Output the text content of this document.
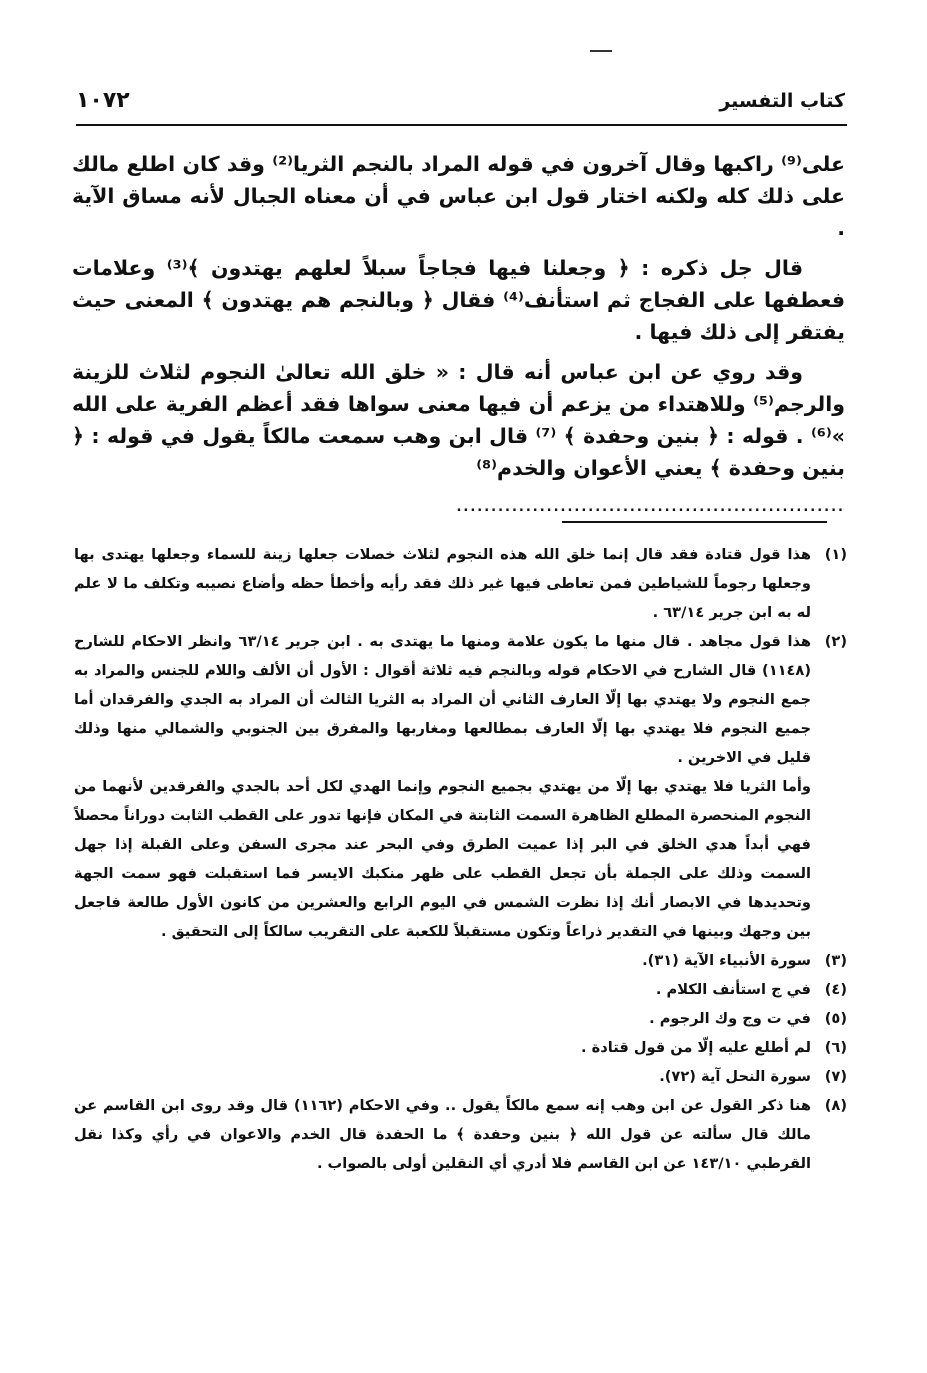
كتاب التفسير
١٠٧٢

على⁽⁹⁾ راكبها وقال آخرون في قوله المراد بالنجم الثريا⁽²⁾ وقد كان اطلع مالك على ذلك كله ولكنه اختار قول ابن عباس في أن معناه الجبال لأنه مساق الآية .

قال جل ذكره : ﴿ وجعلنا فيها فجاجاً سبلاً لعلهم يهتدون ﴾⁽³⁾ وعلامات فعطفها على الفجاج ثم استأنف⁽⁴⁾ فقال ﴿ وبالنجم هم يهتدون ﴾ المعنى حيث يفتقر إلى ذلك فيها .

وقد روي عن ابن عباس أنه قال : « خلق الله تعالىٰ النجوم لثلاث للزينة والرجم⁽⁵⁾ وللاهتداء من يزعم أن فيها معنى سواها فقد أعظم الفرية على الله »⁽⁶⁾ . قوله : ﴿ بنين وحفدة ﴾ ⁽⁷⁾ قال ابن وهب سمعت مالكاً يقول في قوله : ﴿ بنين وحفدة ﴾ يعني الأعوان والخدم⁽⁸⁾

........................................................
(١)
هذا قول قتادة فقد قال إنما خلق الله هذه النجوم لثلاث خصلات جعلها زينة للسماء وجعلها يهتدى بها وجعلها رجوماً للشياطين فمن تعاطى فيها غير ذلك فقد رأيه وأخطأ حظه وأضاع نصيبه وتكلف ما لا علم له به ابن جرير ٦٣/١٤ .
(٢)
هذا قول مجاهد . قال منها ما يكون علامة ومنها ما يهتدى به . ابن جرير ٦٣/١٤ وانظر الاحكام للشارح (١١٤٨) قال الشارح في الاحكام قوله وبالنجم فيه ثلاثة أقوال : الأول أن الألف واللام للجنس والمراد به جمع النجوم ولا يهتدي بها إلّا العارف الثاني أن المراد به الثريا الثالث أن المراد به الجدي والفرقدان أما جميع النجوم فلا يهتدي بها إلّا العارف بمطالعها ومغاربها والمفرق بين الجنوبي والشمالي منها وذلك قليل في الاخرين .
وأما الثريا فلا يهتدي بها إلّا من يهتدي بجميع النجوم وإنما الهدي لكل أحد بالجدي والفرقدين لأنهما من النجوم المنحصرة المطلع الظاهرة السمت الثابتة في المكان فإنها تدور على القطب الثابت دوراناً محصلاً فهي أبداً هدي الخلق في البر إذا عميت الطرق وفي البحر عند مجرى السفن وعلى القبلة إذا جهل السمت وذلك على الجملة بأن تجعل القطب على ظهر منكبك الايسر فما استقبلت فهو سمت الجهة وتحديدها في الابصار أنك إذا نظرت الشمس في اليوم الرابع والعشرين من كانون الأول طالعة فاجعل بين وجهك وبينها في التقدير ذراعاً وتكون مستقبلاً للكعبة على التقريب سالكاً إلى التحقيق .
(٣)
سورة الأنبياء الآية (٣١).
(٤)
في ج استأنف الكلام .
(٥)
في ت وج وك الرجوم .
(٦)
لم أطلع عليه إلّا من قول قتادة .
(٧)
سورة النحل آية (٧٢).
(٨)
هنا ذكر القول عن ابن وهب إنه سمع مالكاً يقول .. وفي الاحكام (١١٦٢) قال وقد روى ابن القاسم عن مالك قال سألته عن قول الله ﴿ بنين وحفدة ﴾ ما الحفدة قال الخدم والاعوان في رأي وكذا نقل القرطبي ١٤٣/١٠ عن ابن القاسم فلا أدري أي النقلين أولى بالصواب .
